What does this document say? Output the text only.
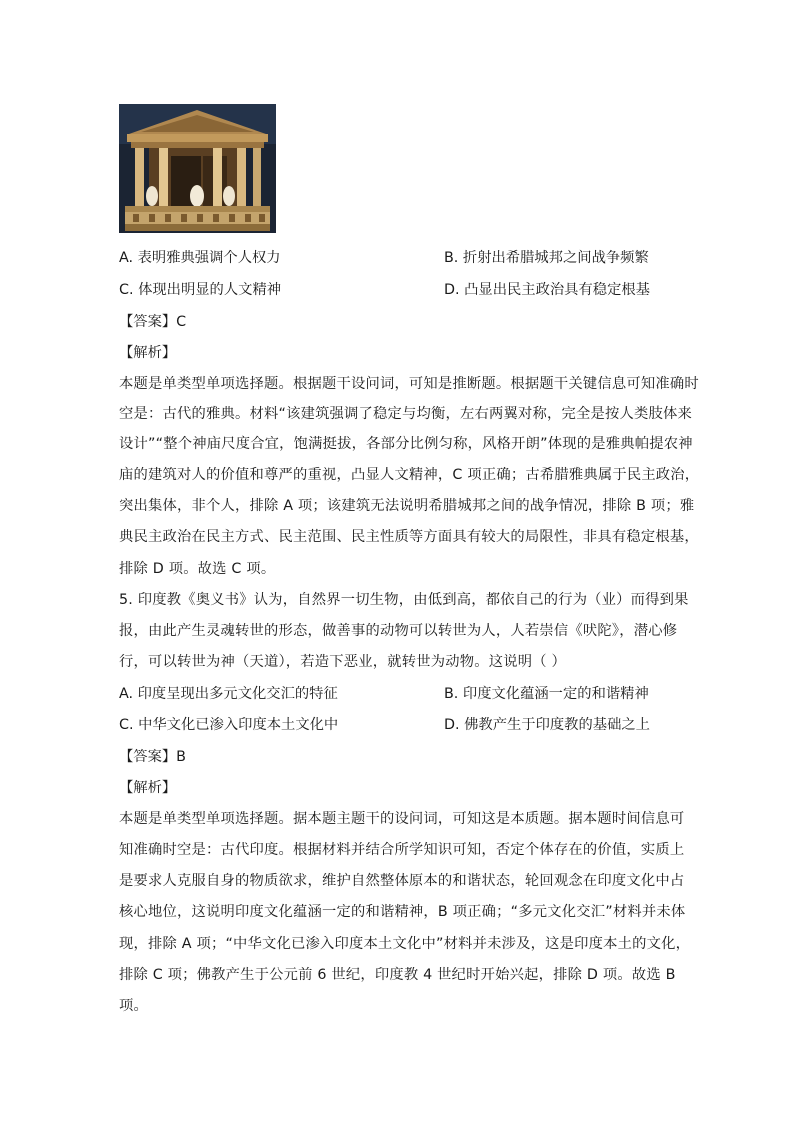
A. 表明雅典强调个人权力	B. 折射出希腊城邦之间战争频繁
C. 体现出明显的人文精神	D. 凸显出民主政治具有稳定根基
【答案】C
【解析】
本题是单类型单项选择题。根据题干设问词，可知是推断题。根据题干关键信息可知准确时
空是：古代的雅典。材料“该建筑强调了稳定与均衡，左右两翼对称，完全是按人类肢体来
设计”“整个神庙尺度合宜，饱满挺拔，各部分比例匀称，风格开朗”体现的是雅典帕提农神
庙的建筑对人的价值和尊严的重视，凸显人文精神，C 项正确；古希腊雅典属于民主政治，
突出集体，非个人，排除 A 项；该建筑无法说明希腊城邦之间的战争情况，排除 B 项；雅
典民主政治在民主方式、民主范围、民主性质等方面具有较大的局限性，非具有稳定根基，
排除 D 项。故选 C 项。
5. 印度教《奥义书》认为，自然界一切生物，由低到高，都依自己的行为（业）而得到果
报，由此产生灵魂转世的形态，做善事的动物可以转世为人，人若崇信《吠陀》，潜心修
行，可以转世为神（天道），若造下恶业，就转世为动物。这说明（ ）
A. 印度呈现出多元文化交汇的特征	B. 印度文化蕴涵一定的和谐精神
C. 中华文化已渗入印度本土文化中	D. 佛教产生于印度教的基础之上
【答案】B
【解析】
本题是单类型单项选择题。据本题主题干的设问词，可知这是本质题。据本题时间信息可
知准确时空是：古代印度。根据材料并结合所学知识可知，否定个体存在的价值，实质上
是要求人克服自身的物质欲求，维护自然整体原本的和谐状态，轮回观念在印度文化中占
核心地位，这说明印度文化蕴涵一定的和谐精神，B 项正确；“多元文化交汇”材料并未体
现，排除 A 项；“中华文化已渗入印度本土文化中”材料并未涉及，这是印度本土的文化，
排除 C 项；佛教产生于公元前 6 世纪，印度教 4 世纪时开始兴起，排除 D 项。故选 B
项。
